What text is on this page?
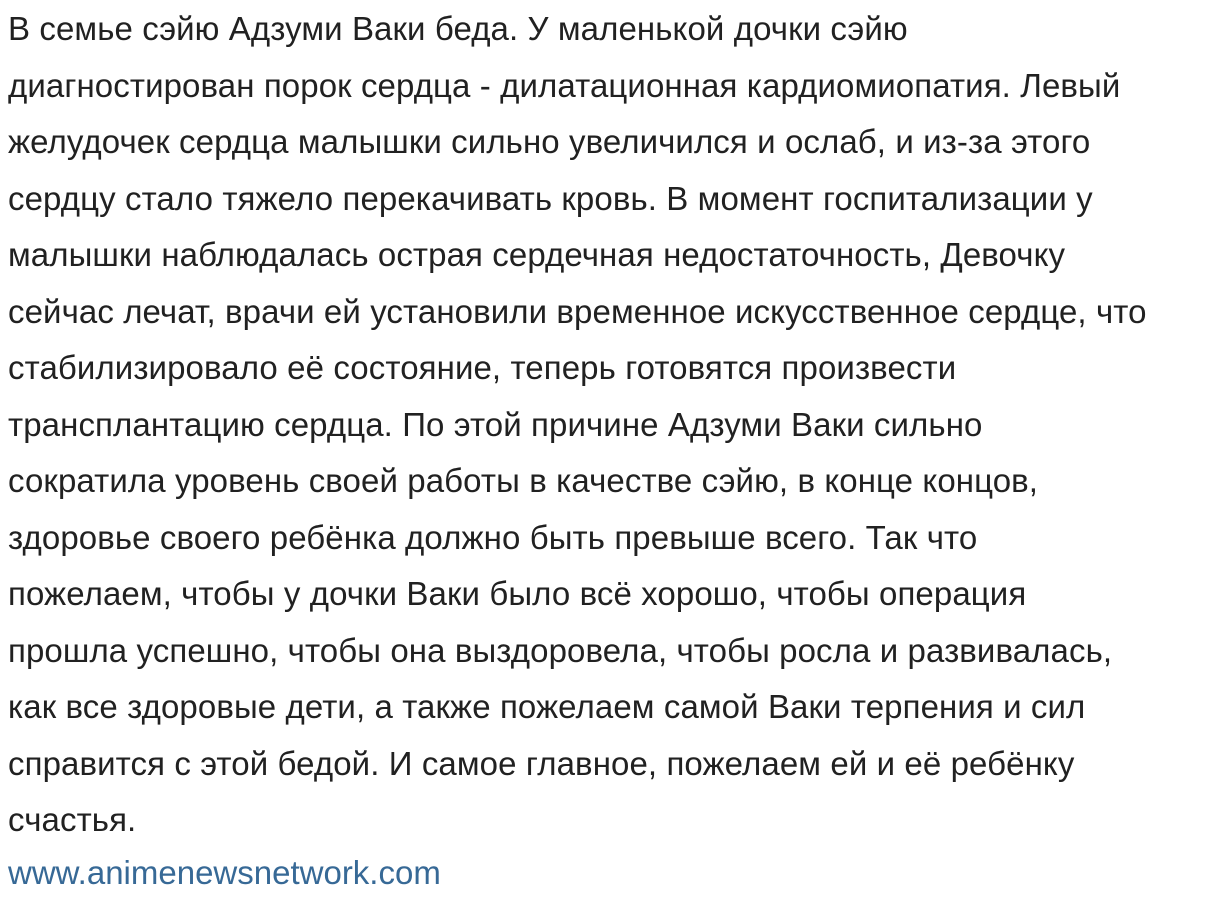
В семье сэйю Адзуми Ваки беда. У маленькой дочки сэйю
диагностирован порок сердца - дилатационная кардиомиопатия. Левый
желудочек сердца малышки сильно увеличился и ослаб, и из-за этого
сердцу стало тяжело перекачивать кровь. В момент госпитализации у
малышки наблюдалась острая сердечная недостаточность, Девочку
сейчас лечат, врачи ей установили временное искусственное сердце, что
стабилизировало её состояние, теперь готовятся произвести
трансплантацию сердца. По этой причине Адзуми Ваки сильно
сократила уровень своей работы в качестве сэйю, в конце концов,
здоровье своего ребёнка должно быть превыше всего. Так что
пожелаем, чтобы у дочки Ваки было всё хорошо, чтобы операция
прошла успешно, чтобы она выздоровела, чтобы росла и развивалась,
как все здоровые дети, а также пожелаем самой Ваки терпения и сил
справится с этой бедой. И самое главное, пожелаем ей и её ребёнку
счастья.

www.animenewsnetwork.com
